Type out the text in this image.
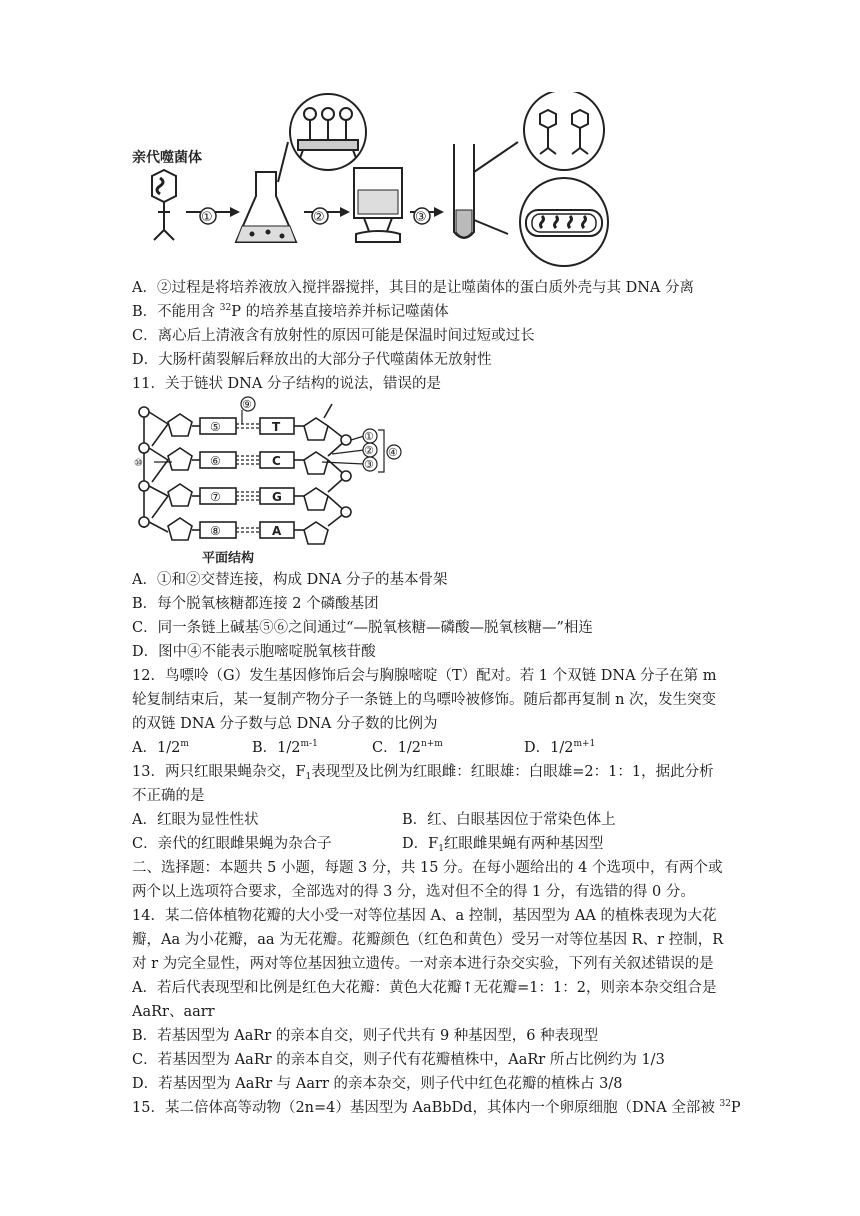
亲代噬菌体
①	②	③
A．②过程是将培养液放入搅拌器搅拌，其目的是让噬菌体的蛋白质外壳与其 DNA 分离
B．不能用含 $^{32}$P 的培养基直接培养并标记噬菌体
C．离心后上清液含有放射性的原因可能是保温时间过短或过长
D．大肠杆菌裂解后释放出的大部分子代噬菌体无放射性
11．关于链状 DNA 分子结构的说法，错误的是
⑤
⑥
⑦
⑧
T
C
G
A
①
②
③
④
⑨
⑩
平面结构
A．①和②交替连接，构成 DNA 分子的基本骨架
B．每个脱氧核糖都连接 2 个磷酸基团
C．同一条链上碱基⑤⑥之间通过“—脱氧核糖—磷酸—脱氧核糖—”相连
D．图中④不能表示胞嘧啶脱氧核苷酸
12．鸟嘌呤（G）发生基因修饰后会与胸腺嘧啶（T）配对。若 1 个双链 DNA 分子在第 m
轮复制结束后，某一复制产物分子一条链上的鸟嘌呤被修饰。随后都再复制 n 次，发生突变
的双链 DNA 分子数与总 DNA 分子数的比例为
A．1/2$^m$	B．1/2$^{m-1}$	C．$1/2^{n+m}$	D．$1/2^{m+1}$
13．两只红眼果蝇杂交，$F_1$表现型及比例为红眼雌：红眼雄：白眼雄=2：1：1，据此分析
不正确的是
A．红眼为显性性状	B．红、白眼基因位于常染色体上
C．亲代的红眼雌果蝇为杂合子	D．$F_1$红眼雌果蝇有两种基因型
二、选择题：本题共 5 小题，每题 3 分，共 15 分。在每小题给出的 4 个选项中，有两个或
两个以上选项符合要求，全部选对的得 3 分，选对但不全的得 1 分，有选错的得 0 分。
14．某二倍体植物花瓣的大小受一对等位基因 A、a 控制，基因型为 AA 的植株表现为大花
瓣，Aa 为小花瓣，aa 为无花瓣。花瓣颜色（红色和黄色）受另一对等位基因 R、r 控制，R
对 r 为完全显性，两对等位基因独立遗传。一对亲本进行杂交实验，下列有关叙述错误的是
A．若后代表现型和比例是红色大花瓣：黄色大花瓣↑无花瓣=1：1：2，则亲本杂交组合是
AaRr、aarr
B．若基因型为 AaRr 的亲本自交，则子代共有 9 种基因型，6 种表现型
C．若基因型为 AaRr 的亲本自交，则子代有花瓣植株中，AaRr 所占比例约为 1/3
D．若基因型为 AaRr 与 Aarr 的亲本杂交，则子代中红色花瓣的植株占 3/8
15．某二倍体高等动物（2n=4）基因型为 AaBbDd，其体内一个卵原细胞（DNA 全部被 $^{32}$P
